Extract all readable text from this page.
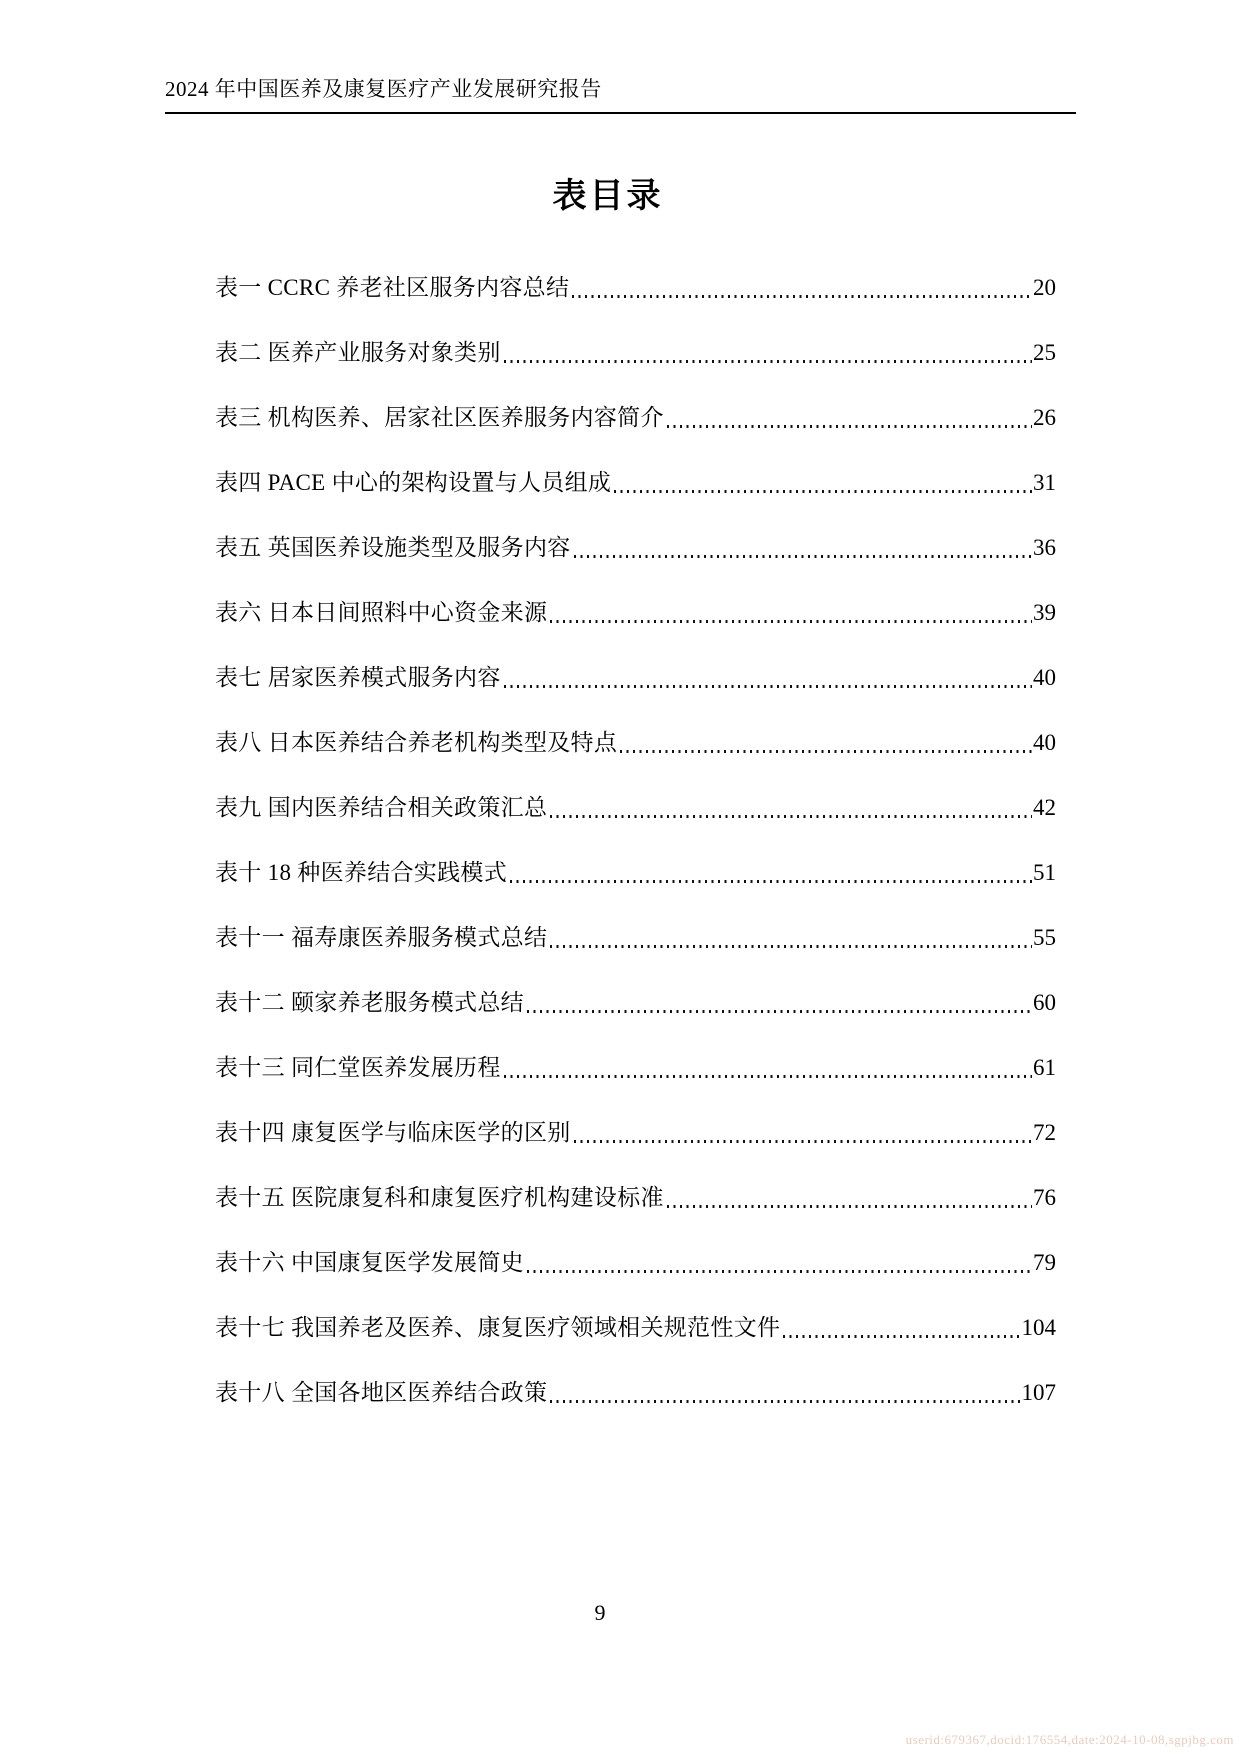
2024 年中国医养及康复医疗产业发展研究报告
表目录
表一 CCRC 养老社区服务内容总结	20
表二 医养产业服务对象类别	25
表三 机构医养、居家社区医养服务内容简介	26
表四 PACE 中心的架构设置与人员组成	31
表五 英国医养设施类型及服务内容	36
表六 日本日间照料中心资金来源	39
表七 居家医养模式服务内容	40
表八 日本医养结合养老机构类型及特点	40
表九 国内医养结合相关政策汇总	42
表十 18 种医养结合实践模式	51
表十一 福寿康医养服务模式总结	55
表十二 颐家养老服务模式总结	60
表十三 同仁堂医养发展历程	61
表十四 康复医学与临床医学的区别	72
表十五 医院康复科和康复医疗机构建设标准	76
表十六 中国康复医学发展简史	79
表十七 我国养老及医养、康复医疗领域相关规范性文件	104
表十八 全国各地区医养结合政策	107
9
userid:679367,docid:176554,date:2024-10-08,sgpjbg.com
